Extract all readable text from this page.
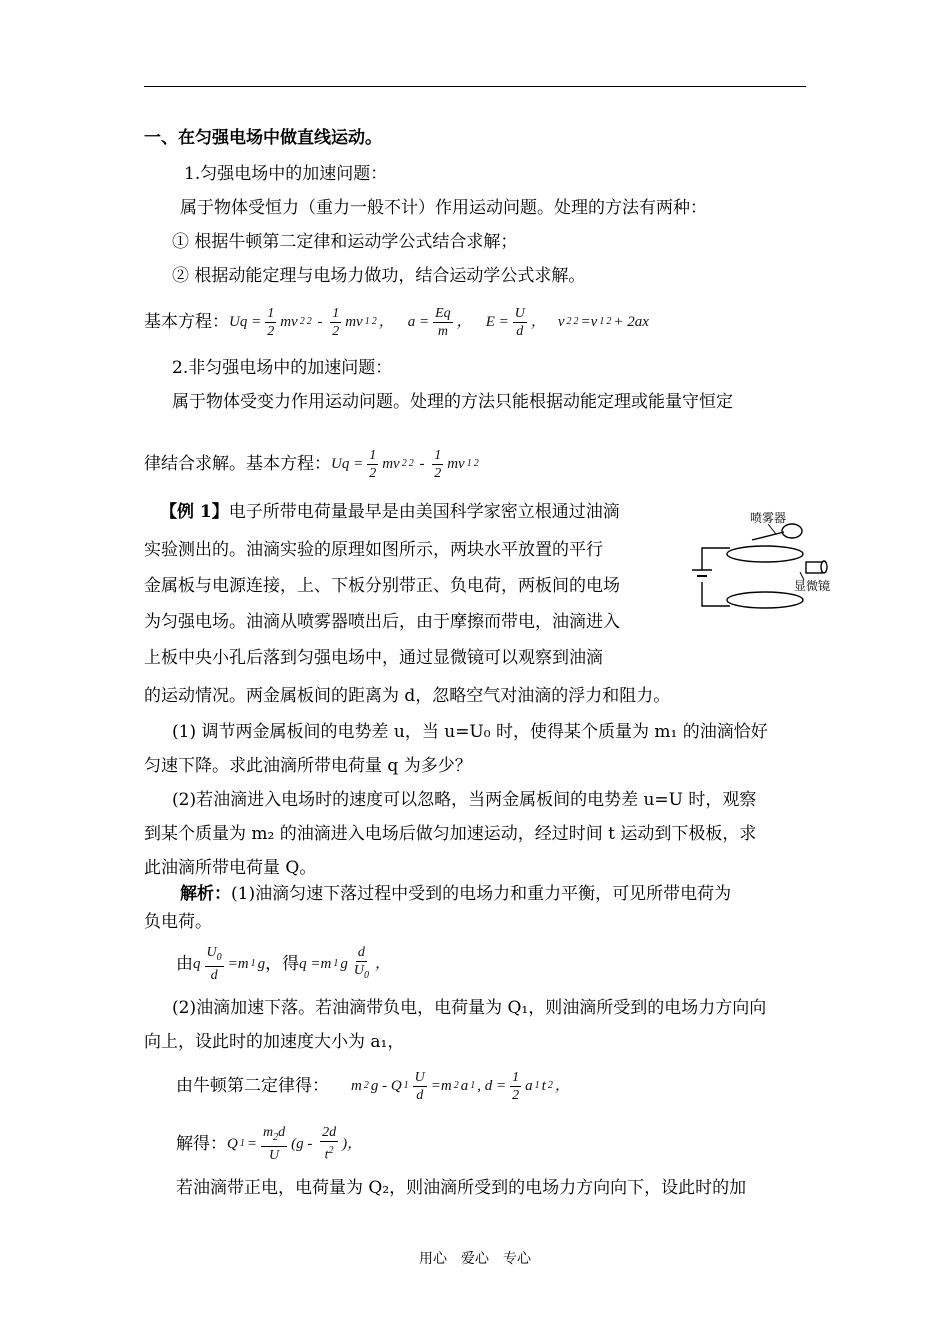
一、在匀强电场中做直线运动。
1.匀强电场中的加速问题：
属于物体受恒力（重力一般不计）作用运动问题。处理的方法有两种：
① 根据牛顿第二定律和运动学公式结合求解；
② 根据动能定理与电场力做功，结合运动学公式求解。
基本方程： $Uq = \frac{1}{2}$ mv 2 $2 - \frac{1}{2}$ mv 1 2 ， $a = \frac{Eq}{m}$ ， $E = \frac{U}{d}$ ， v 2 2 =v 1 2 + 2ax
2.非匀强电场中的加速问题：
属于物体受变力作用运动问题。处理的方法只能根据动能定理或能量守恒定
律结合求解。基本方程： $Uq = \frac{1}{2}$ mv 2 $2 - \frac{1}{2}$ mv 1 2
【例 1】电子所带电荷量最早是由美国科学家密立根通过油滴
实验测出的。油滴实验的原理如图所示，两块水平放置的平行
金属板与电源连接，上、下板分别带正、负电荷，两板间的电场
为匀强电场。油滴从喷雾器喷出后，由于摩擦而带电，油滴进入
上板中央小孔后落到匀强电场中，通过显微镜可以观察到油滴
的运动情况。两金属板间的距离为 d，忽略空气对油滴的浮力和阻力。
喷雾器
显微镜
(1) 调节两金属板间的电势差 u，当 u=U₀ 时，使得某个质量为 m₁ 的油滴恰好
匀速下降。求此油滴所带电荷量 q 为多少？
(2)若油滴进入电场时的速度可以忽略，当两金属板间的电势差 u=U 时，观察
到某个质量为 m₂ 的油滴进入电场后做匀加速运动，经过时间 t 运动到下极板，求
此油滴所带电荷量 Q。
解析：(1)油滴匀速下落过程中受到的电场力和重力平衡，可见所带电荷为
负电荷。
由 q $\frac{U_0}{d} =m$ 1 g ，得 q =m 1 g $\frac{d}{U_0}$ ，
(2)油滴加速下落。若油滴带负电，电荷量为 Q₁，则油滴所受到的电场力方向向
向上，设此时的加速度大小为 a₁，
由牛顿第二定律得： m 2 g - Q $1 \frac{U}{d} =m$ 2 a 1 , $d = \frac{1}{2}$ a 1 t 2 ，
解得： Q $1 = \frac{m_2d}{U} (g - \frac{2d}{t^2}$ )，
若油滴带正电，电荷量为 Q₂，则油滴所受到的电场力方向向下，设此时的加
用心　爱心　专心
